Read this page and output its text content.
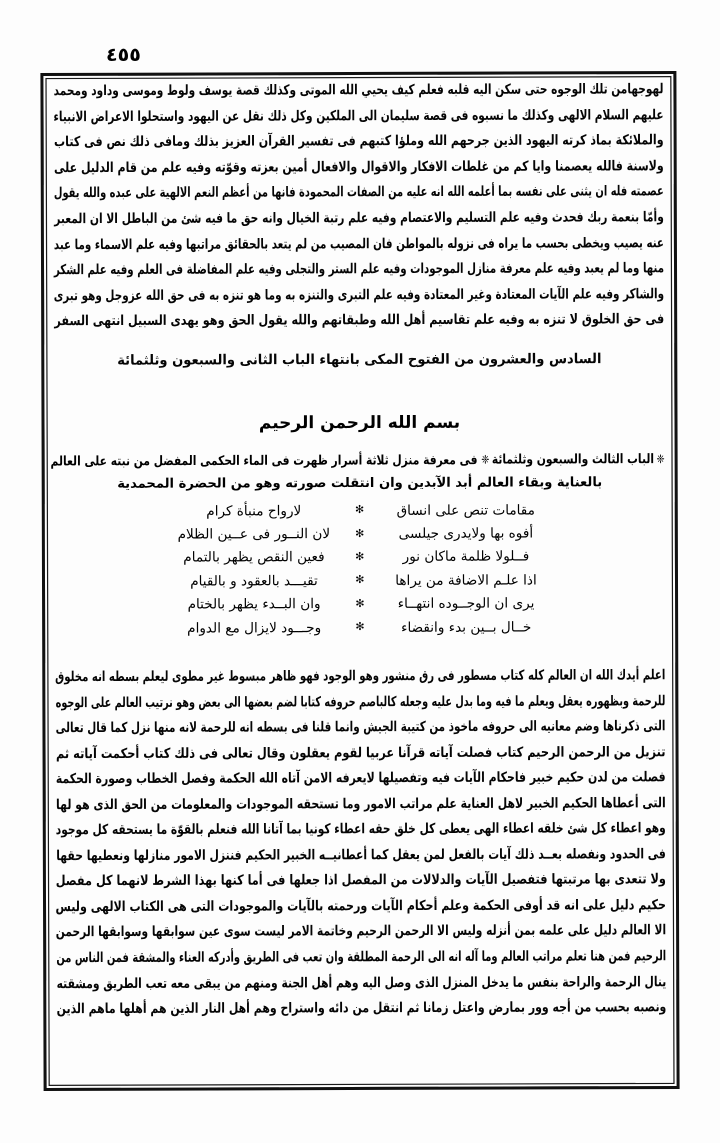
٤٥٥
لهوجهامن تلك الوجوه حتى سكن اليه قلبه فعلم كيف يحيي الله الموتى وكذلك قصة يوسف ولوط وموسى وداود ومحمد
عليهم السلام الالهى وكذلك ما نسبوه فى قصة سليمان الى الملكين وكل ذلك نقل عن اليهود واستحلوا الاعراض الانبياء
والملائكة بماذ كرته اليهود الذين جرحهم الله وملؤا كتبهم فى تفسير القرآن العزيز بذلك ومافى ذلك نص فى كتاب
ولاسنة فالله يعصمنا وايا كم من غلطات الافكار والاقوال والافعال أمين بعزته وقوّته وفيه علم من قام الدليل على
عصمته فله ان يثنى على نفسه بما أعلمه الله انه عليه من الصفات المحمودة فانها من أعظم النعم الالهية على عبده والله يقول
وأمّا بنعمة ربك فحدث وفيه علم التسليم والاعتصام وفيه علم رتبة الخيال وانه حق ما فيه شئ من الباطل الا ان المعبر
عنه يصيب ويخطى بحسب ما يراه فى نزوله بالمواطن فان المصيب من لم يتعد بالحقائق مراتبها وفيه علم الاسماء وما عبد
منها وما لم يعبد وفيه علم معرفة منازل الموجودات وفيه علم الستر والتجلى وفيه علم المفاضلة فى العلم وفيه علم الشكر
والشاكر وفيه علم الآيات المعتادة وغير المعتادة وفيه علم التبرى والتنزه به وما هو تنزه به فى حق الله عزوجل وهو تبرى
فى حق الخلوق لا تنزه به وفيه علم تقاسيم أهل الله وطبقاتهم والله يقول الحق وهو يهدى السبيل انتهى السفر
السادس والعشرون من الفتوح المكى بانتهاء الباب الثانى والسبعون وثلثمائة
بسم الله الرحمن الرحيم
❈
الباب الثالث والسبعون وثلثمائة
❈
فى معرفة منزل ثلاثة أسرار ظهرت فى الماء الحكمى المفضل من نبته على العالم
بالعناية وبقاء العالم أبد الآبدين وان انتقلت صورته وهو من الحضرة المحمدية
مقامات تنص على انساق
✻
لارواح منبأة كرام
أفوه بها ولايدرى جيلسى
✻
لان النــور فى عــين الظلام
فــلولا ظلمة ماكان نور
✻
فعين النقص يظهر بالتمام
اذا علـم الاضافة من يراها
✻
تقيـــد بالعقود و بالقيام
يرى ان الوجــوده انتهــاء
✻
وان البــدء يظهر بالختام
خــال بــين بدء وانقضاء
✻
وجـــود لايزال مع الدوام
اعلم أيدك الله ان العالم كله كتاب مسطور فى رق منشور وهو الوجود فهو ظاهر مبسوط غير مطوى ليعلم بسطه انه مخلوق
للرحمة وبظهوره يعقل ويعلم ما فيه وما بدل عليه وجعله كالباصم حروفه كتابا لضم بعضها الى بعض وهو نرتيب العالم على الوجوه
التى ذكرناها وضم معانيه الى حروفه ماخوذ من كتيبة الجيش وانما قلنا فى بسطه انه للرحمة لانه منها نزل كما قال تعالى
تنزيل من الرحمن الرحيم كتاب فصلت آياته قرآنا عربيا لقوم يعقلون وقال تعالى فى ذلك كتاب أحكمت آياته ثم
فصلت من لدن حكيم خبير فاحكام الآيات فيه وتفصيلها لايعرفه الامن آتاه الله الحكمة وفصل الخطاب وصورة الحكمة
التى أعطاها الحكيم الخبير لاهل العناية علم مراتب الامور وما تستحقه الموجودات والمعلومات من الحق الذى هو لها
وهو اعطاء كل شئ خلقه اعطاء الهى يعطى كل خلق حقه اعطاء كونيا بما آتانا الله فنعلم بالقوّة ما يستحقه كل موجود
فى الحدود ونفصله بعــد ذلك آيات بالفعل لمن يعقل كما أعطانيــه الخبير الحكيم فننزل الامور منازلها ونعطيها حقها
ولا تتعدى بها مرتبتها فتفصيل الآيات والدلالات من المفصل اذا جعلها فى أما كنها بهذا الشرط لانهما كل مفصل
حكيم دليل على انه قد أوفى الحكمة وعلم أحكام الآيات ورحمته بالآيات والموجودات التى هى الكتاب الالهى وليس
الا العالم دليل على علمه بمن أنزله وليس الا الرحمن الرحيم وخاتمة الامر ليست سوى عين سوابقها وسوابقها الرحمن
الرحيم فمن هنا تعلم مراتب العالم وما آله انه الى الرحمة المطلقة وان تعب فى الطريق وأدركه العناء والمشقة فمن الناس من
ينال الرحمة والراحة بنفس ما يدخل المنزل الذى وصل اليه وهم أهل الجنة ومنهم من يبقى معه تعب الطريق ومشقته
ونصبه بحسب من أجه وور بمارض واعتل زمانا ثم انتقل من دائه واستراح وهم أهل النار الذين هم أهلها ماهم الذين
